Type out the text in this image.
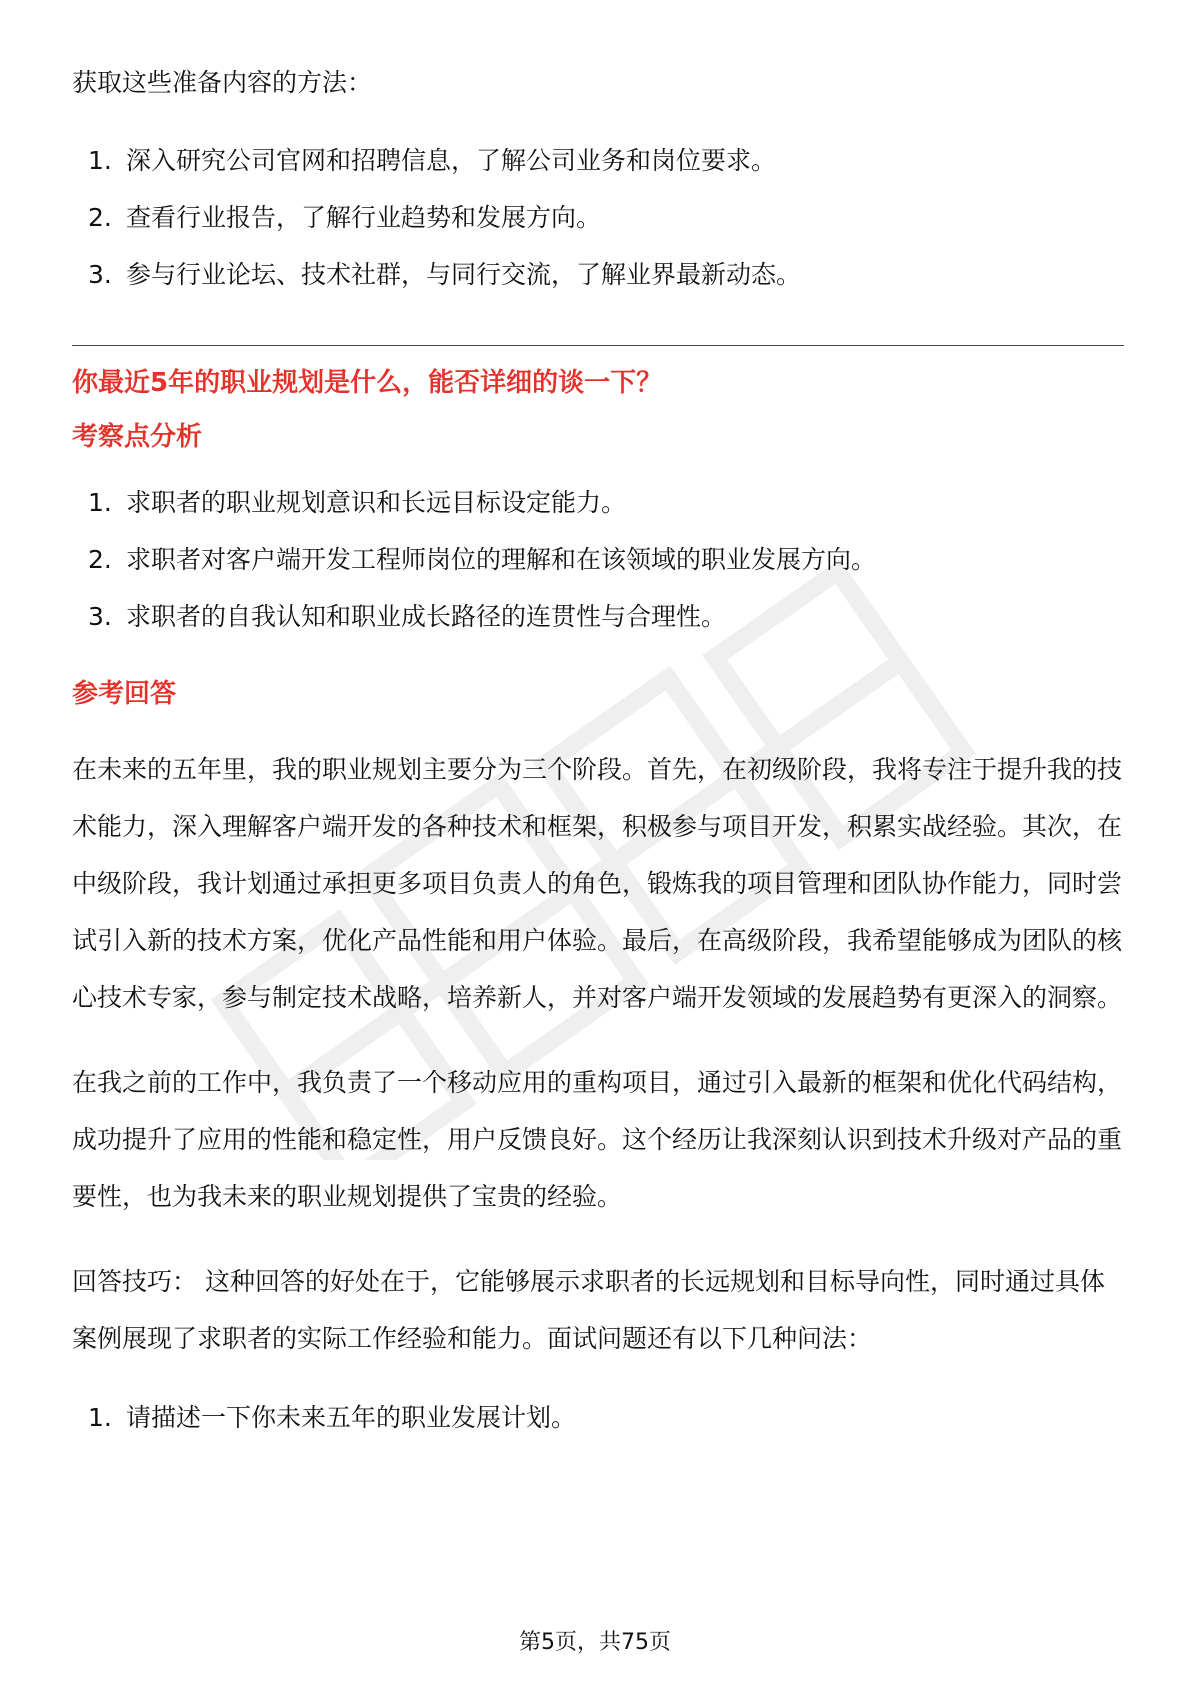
获取这些准备内容的方法：

1. 深入研究公司官网和招聘信息，了解公司业务和岗位要求。
2. 查看行业报告，了解行业趋势和发展方向。
3. 参与行业论坛、技术社群，与同行交流，了解业界最新动态。

你最近5年的职业规划是什么，能否详细的谈一下？

考察点分析

1. 求职者的职业规划意识和长远目标设定能力。
2. 求职者对客户端开发工程师岗位的理解和在该领域的职业发展方向。
3. 求职者的自我认知和职业成长路径的连贯性与合理性。

参考回答

在未来的五年里，我的职业规划主要分为三个阶段。首先，在初级阶段，我将专注于提升我的技术能力，深入理解客户端开发的各种技术和框架，积极参与项目开发，积累实战经验。其次，在中级阶段，我计划通过承担更多项目负责人的角色，锻炼我的项目管理和团队协作能力，同时尝试引入新的技术方案，优化产品性能和用户体验。最后，在高级阶段，我希望能够成为团队的核心技术专家，参与制定技术战略，培养新人，并对客户端开发领域的发展趋势有更深入的洞察。

在我之前的工作中，我负责了一个移动应用的重构项目，通过引入最新的框架和优化代码结构，成功提升了应用的性能和稳定性，用户反馈良好。这个经历让我深刻认识到技术升级对产品的重要性，也为我未来的职业规划提供了宝贵的经验。

回答技巧： 这种回答的好处在于，它能够展示求职者的长远规划和目标导向性，同时通过具体案例展现了求职者的实际工作经验和能力。面试问题还有以下几种问法：

1. 请描述一下你未来五年的职业发展计划。
第5页，共75页
